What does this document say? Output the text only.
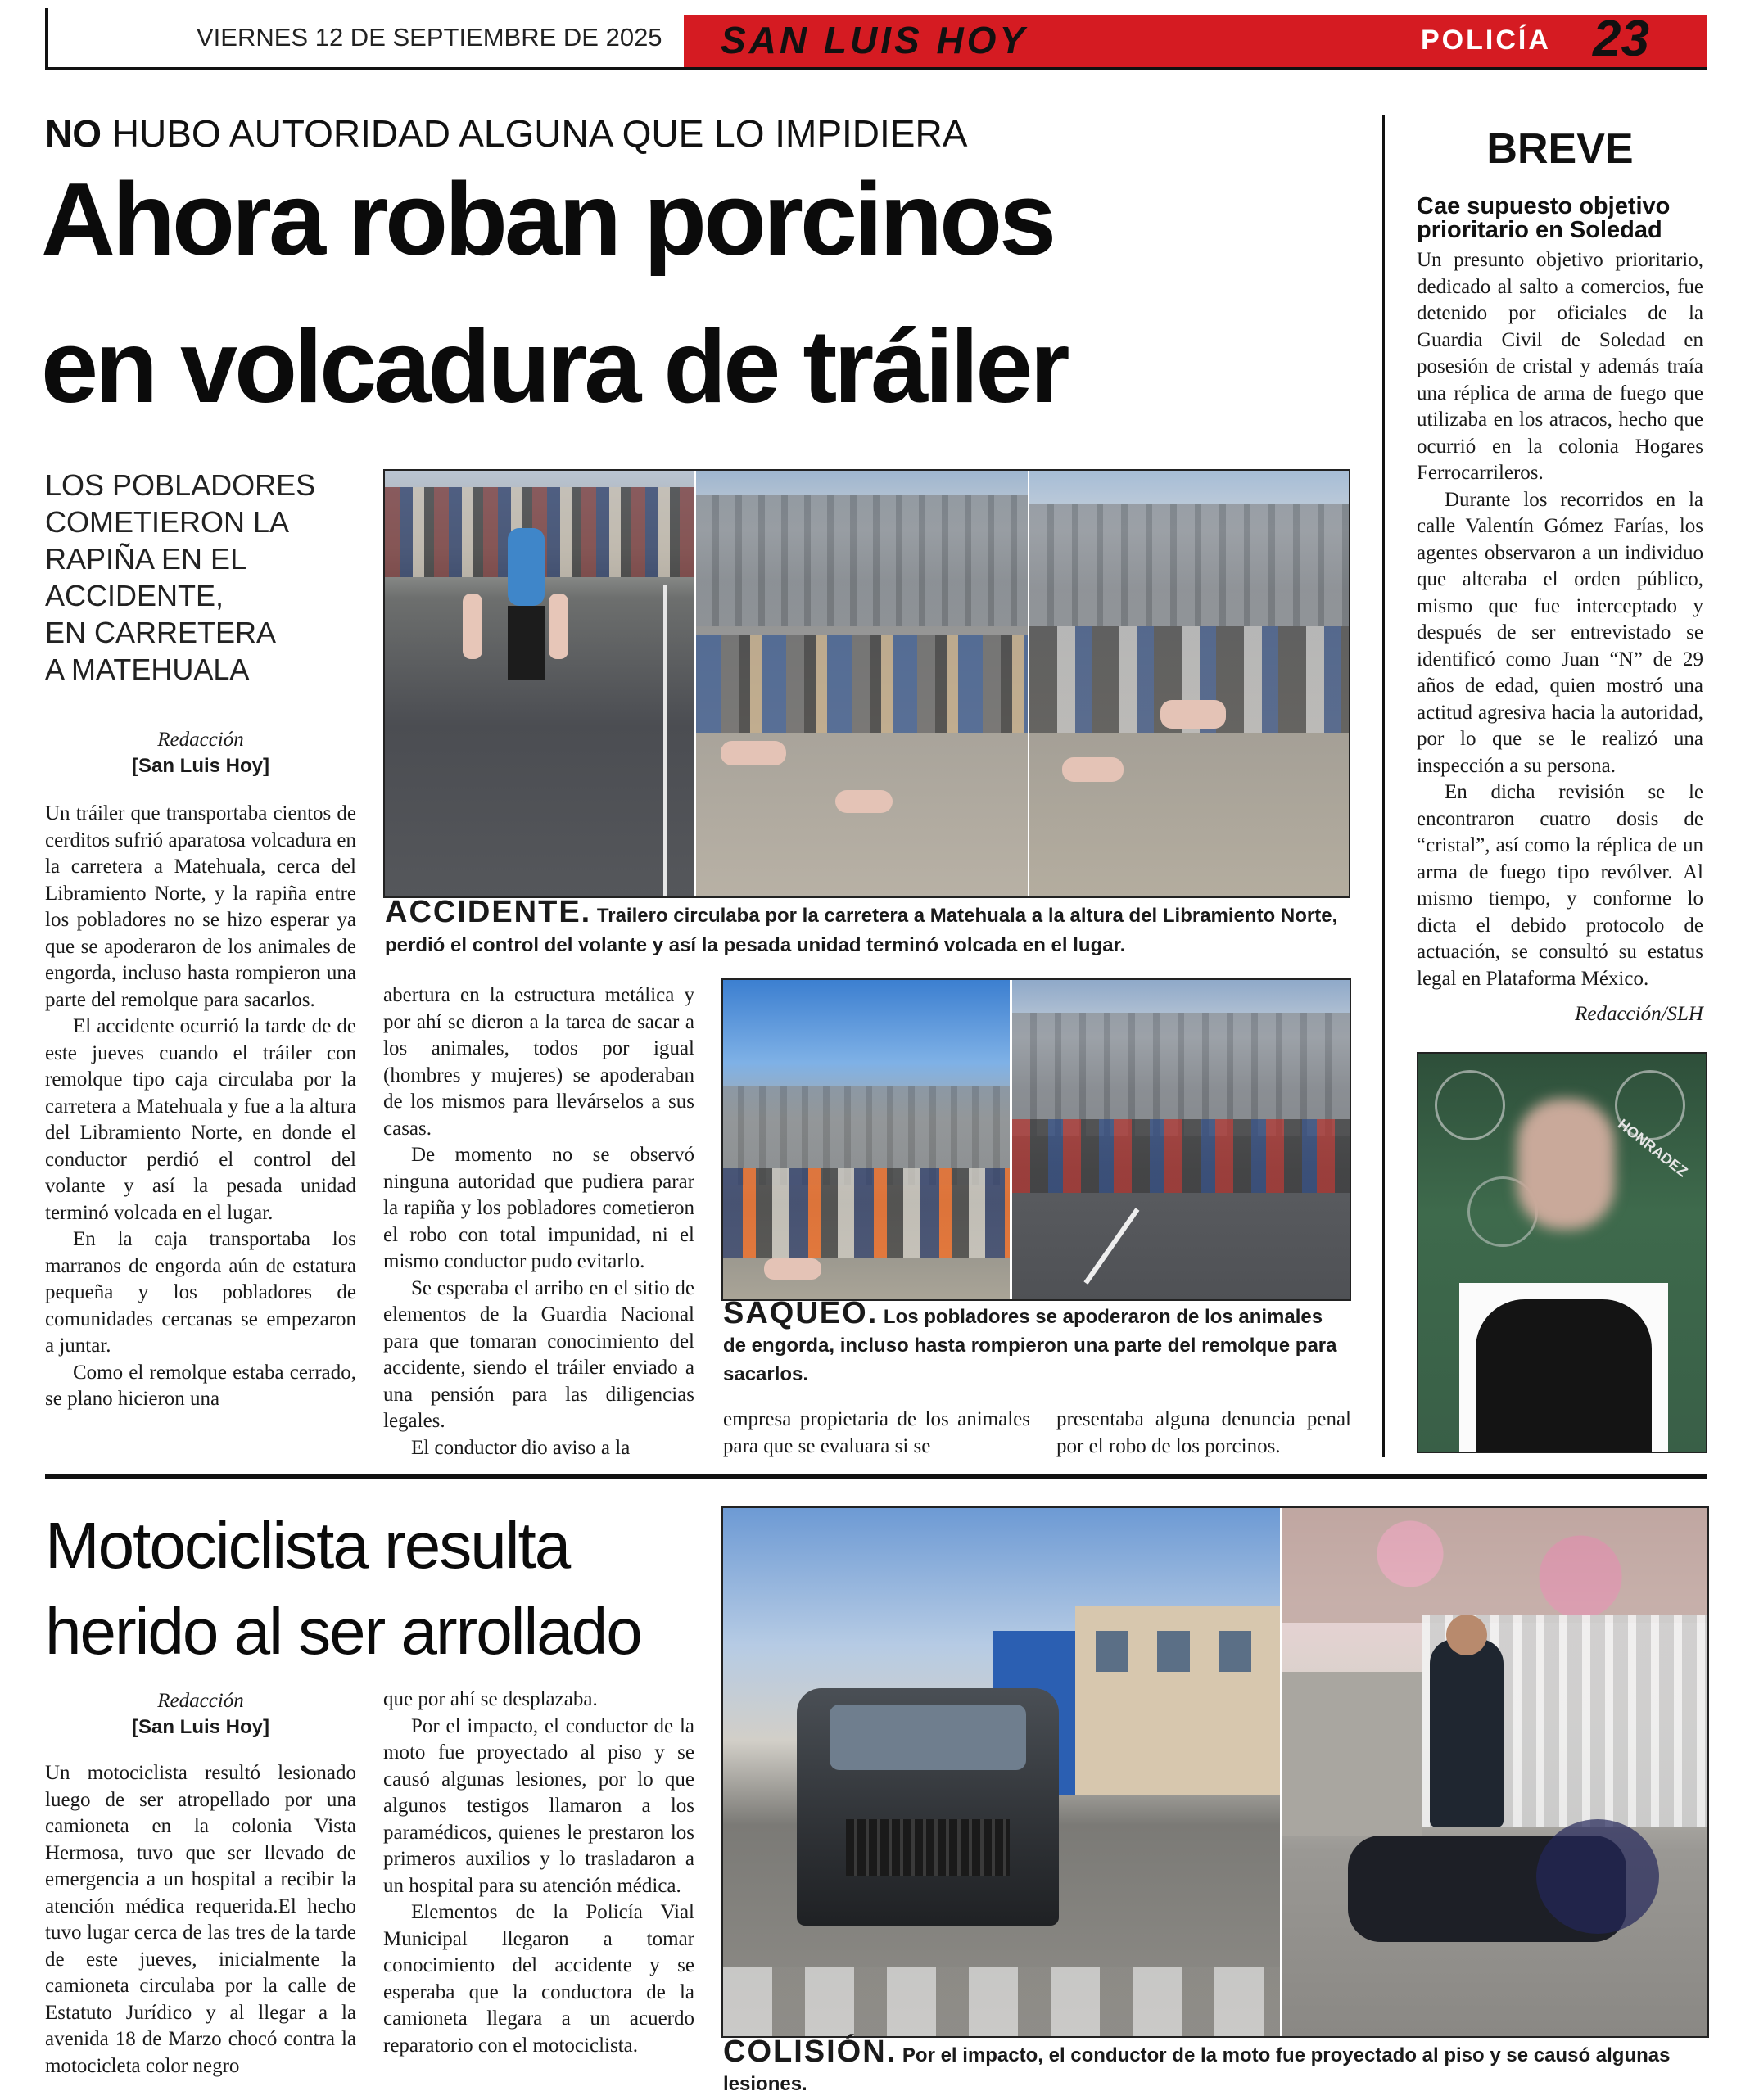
VIERNES 12 DE SEPTIEMBRE DE 2025 SAN LUIS HOY	POLICÍA 23
NO HUBO AUTORIDAD ALGUNA QUE LO IMPIDIERA
Ahora roban porcinos
en volcadura de tráiler
LOS POBLADORES
COMETIERON LA
RAPIÑA EN EL
ACCIDENTE,
EN CARRETERA
A MATEHUALA
Redacción
[San Luis Hoy]

Un tráiler que transportaba cientos de cerditos sufrió aparatosa volcadura en la carretera a Matehuala, cerca del Libramiento Norte, y la rapiña entre los pobladores no se hizo esperar ya que se apoderaron de los animales de engorda, incluso hasta rompieron una parte del remolque para sacarlos.

El accidente ocurrió la tarde de de este jueves cuando el tráiler con remolque tipo caja circulaba por la carretera a Matehuala y fue a la altura del Libramiento Norte, en donde el conductor perdió el control del volante y así la pesada unidad terminó volcada en el lugar.

En la caja transportaba los marranos de engorda aún de estatura pequeña y los pobladores de comunidades cercanas se empezaron a juntar.

Como el remolque estaba cerrado, se plano hicieron una

ACCIDENTE. Trailero circulaba por la carretera a Matehuala a la altura del Libramiento Norte, perdió el control del volante y así la pesada unidad terminó volcada en el lugar.

abertura en la estructura metálica y por ahí se dieron a la tarea de sacar a los animales, todos por igual (hombres y mujeres) se apoderaban de los mismos para llevárselos a sus casas.

De momento no se observó ninguna autoridad que pudiera parar la rapiña y los pobladores cometieron el robo con total impunidad, ni el mismo conductor pudo evitarlo.

Se esperaba el arribo en el sitio de elementos de la Guardia Nacional para que tomaran conocimiento del accidente, siendo el tráiler enviado a una pensión para las diligencias legales.

El conductor dio aviso a la

SAQUEO. Los pobladores se apoderaron de los animales de engorda, incluso hasta rompieron una parte del remolque para sacarlos.
empresa propietaria de los animales para que se evaluara si se
presentaba alguna denuncia penal por el robo de los porcinos.
BREVE
Cae supuesto objetivo prioritario en Soledad

Un presunto objetivo prioritario, dedicado al salto a comercios, fue detenido por oficiales de la Guardia Civil de Soledad en posesión de cristal y además traía una réplica de arma de fuego que utilizaba en los atracos, hecho que ocurrió en la colonia Hogares Ferrocarrileros.

Durante los recorridos en la calle Valentín Gómez Farías, los agentes observaron a un individuo que alteraba el orden público, mismo que fue interceptado y después de ser entrevistado se identificó como Juan “N” de 29 años de edad, quien mostró una actitud agresiva hacia la autoridad, por lo que se le realizó una inspección a su persona.

En dicha revisión se le encontraron cuatro dosis de “cristal”, así como la réplica de un arma de fuego tipo revólver. Al mismo tiempo, y conforme lo dicta el debido protocolo de actuación, se consultó su estatus legal en Plataforma México.

Redacción/SLH
HONRADEZ
Motociclista resulta
herido al ser arrollado
Redacción
[San Luis Hoy]

Un motociclista resultó lesionado luego de ser atropellado por una camioneta en la colonia Vista Hermosa, tuvo que ser llevado de emergencia a un hospital a recibir la atención médica requerida.El hecho tuvo lugar cerca de las tres de la tarde de este jueves, inicialmente la camioneta circulaba por la calle de Estatuto Jurídico y al llegar a la avenida 18 de Marzo chocó contra la motocicleta color negro

que por ahí se desplazaba.

Por el impacto, el conductor de la moto fue proyectado al piso y se causó algunas lesiones, por lo que algunos testigos llamaron a los paramédicos, quienes le prestaron los primeros auxilios y lo trasladaron a un hospital para su atención médica.

Elementos de la Policía Vial Municipal llegaron a tomar conocimiento del accidente y se esperaba que la conductora de la camioneta llegara a un acuerdo reparatorio con el motociclista.	COLISIÓN. Por el impacto, el conductor de la moto fue proyectado al piso y se causó algunas lesiones.
